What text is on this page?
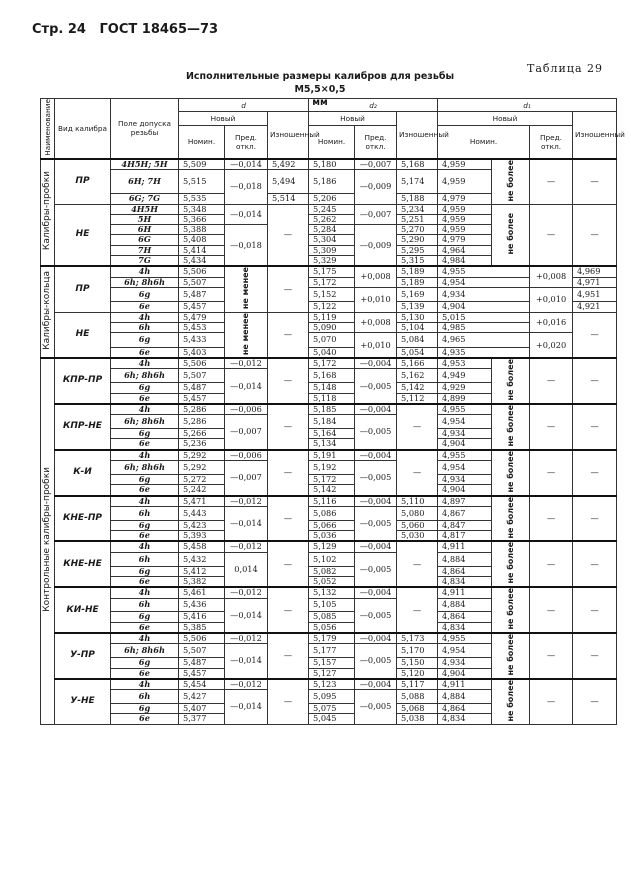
Стр. 24 ГОСТ 18465—73
Таблица 29
Исполнительные размеры калибров для резьбы М5,5×0,5
мм
Наименование	Вид калибра	Поле допуска резьбы	d			d₂			d₁			
			Новый		Изношенный	Новый		Изношенный	Новый			Изношенный
			Номин.	Пред. откл.		Номин.	Пред. откл.		Номин.		Пред. откл.	
Калибры-пробки	ПР	4Н5Н; 5Н	5,509	—0,014	5,492	5,180	—0,007	5,168	4,959	не более	—	—
		6Н; 7Н	5,515	—0,018	5,494	5,186	—0,009	5,174	4,959			
		6G; 7G	5,535		5,514	5,206		5,188	4,979			
	НЕ	4Н5Н	5,348	—0,014	—	5,245	—0,007	5,234	4,959	не более	—	—
		5Н	5,366			5,262		5,251	4,959			
		6Н	5,388	—0,018		5,284	—0,009	5,270	4,959			
		6G	5,408			5,304		5,290	4,979			
		7Н	5,414			5,309		5,295	4,964			
		7G	5,434			5,329		5,315	4,984			
Калибры-кольца	ПР	4h	5,506	не менее	—	5,175	+0,008	5,189	4,955		+0,008	4,969
		6h; 8h6h	5,507			5,172		5,189	4,954			4,971
		6g	5,487			5,152	+0,010	5,169	4,934		+0,010	4,951
		6e	5,457			5,122		5,139	4,904			4,921
	НЕ	4h	5,479	не менее	—	5,119	+0,008	5,130	5,015		+0,016	—
		6h	5,453			5,090		5,104	4,985			
		6g	5,433			5,070	+0,010	5,084	4,965		+0,020	
		6e	5,403			5,040		5,054	4,935			
Контрольные калибры-пробки	КПР-ПР	4h	5,506	—0,012	—	5,172	—0,004	5,166	4,953	не более	—	—
		6h; 8h6h	5,507	—0,014		5,168	—0,005	5,162	4,949			
		6g	5,487			5,148		5,142	4,929			
		6e	5,457			5,118		5,112	4,899			
	КПР-НЕ	4h	5,286	—0,006	—	5,185	—0,004	—	4,955	не более	—	—
		6h; 8h6h	5,286	—0,007		5,184	—0,005		4,954			
		6g	5,266			5,164			4,934			
		6e	5,236			5,134			4,904			
	К-И	4h	5,292	—0,006	—	5,191	—0,004	—	4,955	не более	—	—
		6h; 8h6h	5,292	—0,007		5,192	—0,005		4,954			
		6g	5,272			5,172			4,934			
		6e	5,242			5,142			4,904			
	КНЕ-ПР	4h	5,471	—0,012	—	5,116	—0,004	5,110	4,897	не более	—	—
		6h	5,443	—0,014		5,086	—0,005	5,080	4,867			
		6g	5,423			5,066		5,060	4,847			
		6e	5,393			5,036		5,030	4,817			
	КНЕ-НЕ	4h	5,458	—0,012	—	5,129	—0,004	—	4,911	не более	—	—
		6h	5,432	0,014		5,102	—0,005		4,884			
		6g	5,412			5,082			4,864			
		6e	5,382			5,052			4,834			
	КИ-НЕ	4h	5,461	—0,012	—	5,132	—0,004	—	4,911	не более	—	—
		6h	5,436	—0,014		5,105	—0,005		4,884			
		6g	5,416			5,085			4,864			
		6e	5,385			5,056			4,834			
	У-ПР	4h	5,506	—0,012	—	5,179	—0,004	5,173	4,955	не более	—	—
		6h; 8h6h	5,507	—0,014		5,177	—0,005	5,170	4,954			
		6g	5,487			5,157		5,150	4,934			
		6e	5,457			5,127		5,120	4,904			
	У-НЕ	4h	5,454	—0,012	—	5,123	—0,004	5,117	4,911	не более	—	—
		6h	5,427	—0,014		5,095	—0,005	5,088	4,884			
		6g	5,407			5,075		5,068	4,864			
		6e	5,377			5,045		5,038	4,834			
